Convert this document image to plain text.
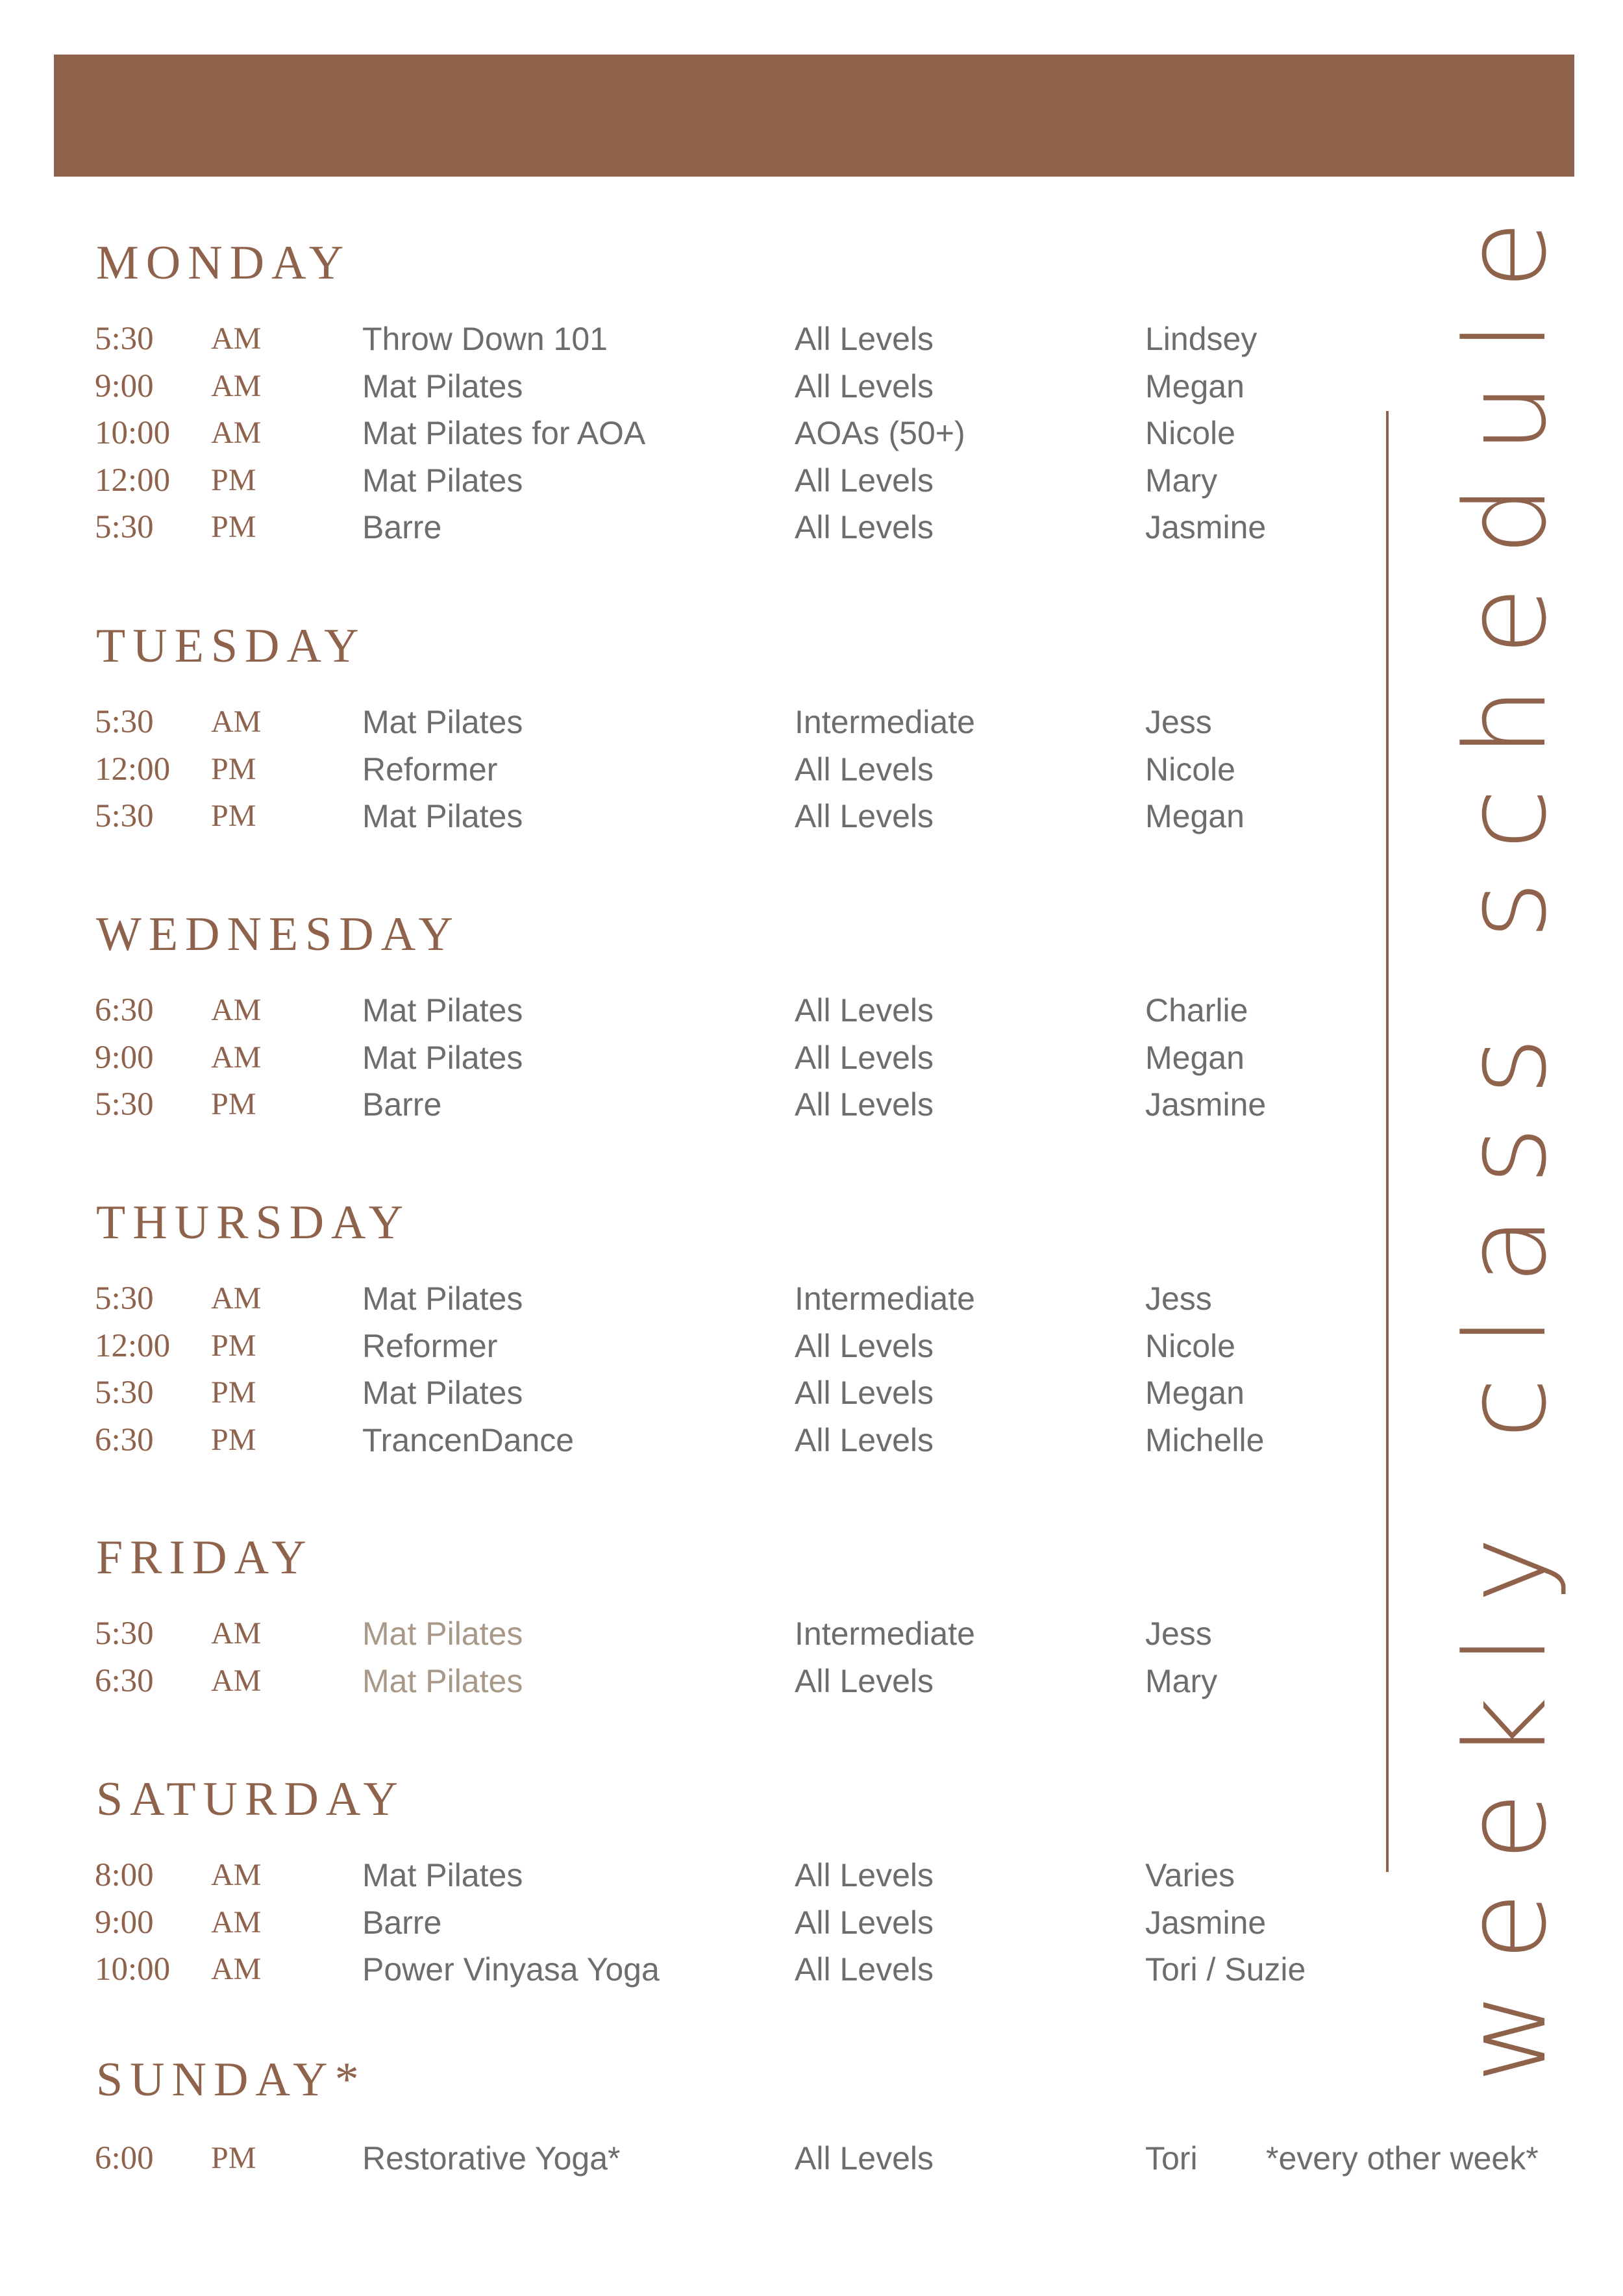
MONDAY
5:30 AM	Throw Down 101	All Levels	Lindsey
9:00 AM	Mat Pilates	All Levels	Megan
10:00 AM	Mat Pilates for AOA	AOAs (50+)	Nicole
12:00 PM	Mat Pilates	All Levels	Mary
5:30 PM	Barre	All Levels	Jasmine
TUESDAY
5:30 AM	Mat Pilates	Intermediate	Jess
12:00 PM	Reformer	All Levels	Nicole
5:30 PM	Mat Pilates	All Levels	Megan
WEDNESDAY
6:30 AM	Mat Pilates	All Levels	Charlie
9:00 AM	Mat Pilates	All Levels	Megan
5:30 PM	Barre	All Levels	Jasmine
THURSDAY
5:30 AM	Mat Pilates	Intermediate	Jess
12:00 PM	Reformer	All Levels	Nicole
5:30 PM	Mat Pilates	All Levels	Megan
6:30 PM	TrancenDance	All Levels	Michelle
FRIDAY
5:30 AM	Mat Pilates	Intermediate	Jess
6:30 AM	Mat Pilates	All Levels	Mary
SATURDAY
8:00 AM	Mat Pilates	All Levels	Varies
9:00 AM	Barre	All Levels	Jasmine
10:00 AM	Power Vinyasa Yoga	All Levels	Tori / Suzie
SUNDAY*
6:00 PM	Restorative Yoga*	All Levels	Tori
weekly class schedule
*every other week*
